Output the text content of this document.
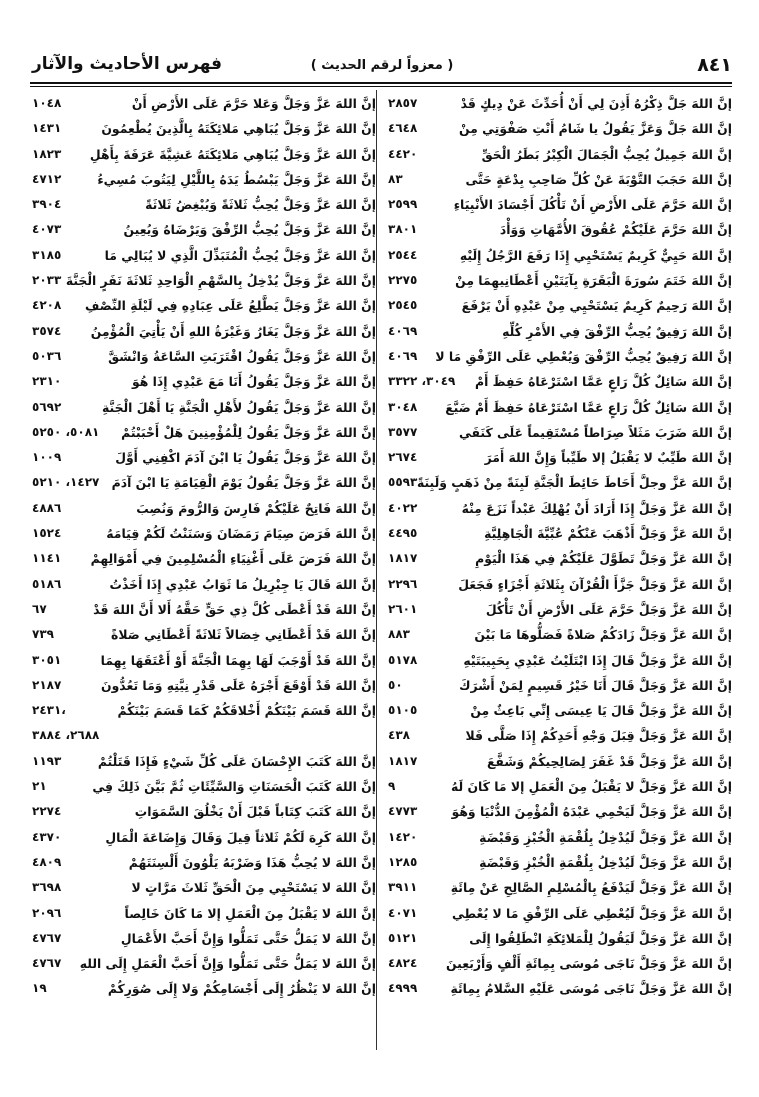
٨٤١
( معزواً لرقم الحديث )
فهرس الأحاديث والآثار
إنَّ اللهَ جَلَّ ذِكْرُهُ أَذِنَ لِي أَنْ أُحَدِّثَ عَنْ دِيكٍ قَدْ
٢٨٥٧
إنَّ اللهَ جَلَّ وَعَزَّ يَقُولُ يا شَامُ أَنْتِ صَفْوَتِي مِنْ
٤٦٤٨
إنَّ اللهَ جَمِيلٌ يُحِبُّ الْجَمَالَ الْكِبْرُ بَطَرُ الْحَقِّ
٤٤٢٠
إنَّ اللهَ حَجَبَ التَّوْبَةَ عَنْ كُلِّ صَاحِبِ بِدْعَةٍ حَتَّى
٨٣
إنَّ اللهَ حَرَّمَ عَلَى الأَرْضِ أَنْ تَأْكُلَ أَجْسَادَ الأَنْبِيَاءِ
٢٥٩٩
إنَّ اللهَ حَرَّمَ عَلَيْكُمْ عُقُوقَ الأُمَّهَاتِ وَوَأْدَ
٣٨٠١
إنَّ اللهَ حَيِيٌّ كَرِيمٌ يَسْتَحْيِي إِذَا رَفَعَ الرَّجُلُ إِلَيْهِ
٢٥٤٤
إنَّ اللهَ خَتَمَ سُورَةَ الْبَقَرَةِ بِآيَتَيْنِ أَعْطَانِيهِمَا مِنْ
٢٢٧٥
إنَّ اللهَ رَحِيمٌ كَرِيمٌ يَسْتَحْيِي مِنْ عَبْدِهِ أَنْ يَرْفَعَ
٢٥٤٥
إنَّ اللهَ رَفِيقٌ يُحِبُّ الرِّفْقَ فِي الأَمْرِ كُلِّهِ
٤٠٦٩
إنَّ اللهَ رَفِيقٌ يُحِبُّ الرِّفْقَ وَيُعْطِي عَلَى الرِّفْقِ مَا لا
٤٠٦٩
إنَّ اللهَ سَائِلٌ كُلَّ رَاعٍ عَمَّا اسْتَرْعَاهُ حَفِظَ أَمْ
٣٠٤٩، ٣٣٢٢
إنَّ اللهَ سَائِلٌ كُلَّ رَاعٍ عَمَّا اسْتَرْعَاهُ حَفِظَ أَمْ ضَيَّعَ
٣٠٤٨
إنَّ اللهَ ضَرَبَ مَثَلاً صِرَاطاً مُسْتَقِيماً عَلَى كَنَفَي
٣٥٧٧
إنَّ اللهَ طَيِّبٌ لا يَقْبَلُ إلا طَيِّباً وَإِنَّ اللهَ أَمَرَ
٢٦٧٤
إنَّ اللهَ عَزَّ وجلَّ أَحَاطَ حَائِطَ الْجَنَّةِ لَبِنَةً مِنْ ذَهَبٍ وَلَبِنَةً
٥٥٩٣
إنَّ اللهَ عَزَّ وَجَلَّ إِذَا أَرَادَ أَنْ يُهْلِكَ عَبْداً نَزَعَ مِنْهُ
٤٠٢٢
إنَّ اللهَ عَزَّ وَجَلَّ أَذْهَبَ عَنْكُمْ عُبِّيَّةَ الْجَاهِلِيَّةِ
٤٤٩٥
إنَّ اللهَ عَزَّ وَجَلَّ تَطَوَّلَ عَلَيْكُمْ فِي هَذَا الْيَوْمِ
١٨١٧
إنَّ اللهَ عَزَّ وَجَلَّ جَزَّأَ الْقُرْآنَ بِثَلاثَةِ أَجْزَاءٍ فَجَعَلَ
٢٢٩٦
إنَّ اللهَ عَزَّ وَجَلَّ حَرَّمَ عَلَى الأَرْضِ أَنْ تَأْكُلَ
٢٦٠١
إنَّ اللهَ عَزَّ وَجَلَّ زَادَكُمْ صَلاةً فَصَلُّوهَا مَا بَيْنَ
٨٨٣
إنَّ اللهَ عَزَّ وَجَلَّ قَالَ إِذَا ابْتَلَيْتُ عَبْدِي بِحَبِيبَتَيْهِ
٥١٧٨
إنَّ اللهَ عَزَّ وَجَلَّ قَالَ أَنَا خَيْرُ قَسِيمٍ لِمَنْ أَشْرَكَ
٥٠
إنَّ اللهَ عَزَّ وَجَلَّ قَالَ يَا عِيسَى إِنِّي بَاعِثٌ مِنْ
٥١٠٥
إنَّ اللهَ عَزَّ وَجَلَّ قِبَلَ وَجْهِ أَحَدِكُمْ إِذَا صَلَّى فَلا
٤٣٨
إنَّ اللهَ عَزَّ وَجَلَّ قَدْ غَفَرَ لِصَالِحِيكُمْ وَشَفَّعَ
١٨١٧
إنَّ اللهَ عَزَّ وَجَلَّ لا يَقْبَلُ مِنَ الْعَمَلِ إلا مَا كَانَ لَهُ
٩
إنَّ اللهَ عَزَّ وَجَلَّ لَيَحْمِي عَبْدَهُ الْمُؤْمِنَ الدُّنْيَا وَهُوَ
٤٧٧٣
إنَّ اللهَ عَزَّ وَجَلَّ لَيُدْخِلُ بِلُقْمَةِ الْخُبْزِ وَقَبْضَةِ
١٤٢٠
إنَّ اللهَ عَزَّ وَجَلَّ لَيُدْخِلُ بِلُقْمَةِ الْخُبْزِ وَقَبْضَةِ
١٢٨٥
إنَّ اللهَ عَزَّ وَجَلَّ لَيَدْفَعُ بِالْمُسْلِمِ الصَّالِحِ عَنْ مِائَةِ
٣٩١١
إنَّ اللهَ عَزَّ وَجَلَّ لَيُعْطِي عَلَى الرِّفْقِ مَا لا يُعْطِي
٤٠٧١
إنَّ اللهَ عَزَّ وَجَلَّ لَيَقُولُ لِلْمَلائِكَةِ انْطَلِقُوا إِلَى
٥١٢١
إنَّ اللهَ عَزَّ وَجَلَّ نَاجَى مُوسَى بِمِائَةِ أَلْفٍ وَأَرْبَعِينَ
٤٨٢٤
إنَّ اللهَ عَزَّ وَجَلَّ نَاجَى مُوسَى عَلَيْهِ السَّلامُ بِمِائَةِ
٤٩٩٩
إنَّ اللهَ عَزَّ وَجَلَّ وَعَلا حَرَّمَ عَلَى الأَرْضِ أَنْ
١٠٤٨
إنَّ اللهَ عَزَّ وَجَلَّ يُبَاهِي مَلائِكَتَهُ بِالَّذِينَ يُطْعِمُونَ
١٤٣١
إنَّ اللهَ عَزَّ وَجَلَّ يُبَاهِي مَلائِكَتَهُ عَشِيَّةَ عَرَفَةَ بِأَهْلِ
١٨٢٣
إنَّ اللهَ عَزَّ وَجَلَّ يَبْسُطُ يَدَهُ بِاللَّيْلِ لِيَتُوبَ مُسِيءُ
٤٧١٢
إنَّ اللهَ عَزَّ وَجَلَّ يُحِبُّ ثَلاثَةً وَيُبْغِضُ ثَلاثَةً
٣٩٠٤
إنَّ اللهَ عَزَّ وَجَلَّ يُحِبُّ الرِّفْقَ وَيَرْضَاهُ وَيُعِينُ
٤٠٧٣
إنَّ اللهَ عَزَّ وَجَلَّ يُحِبُّ الْمُتَبَذِّلَ الَّذِي لا يُبَالِي مَا
٣١٨٥
إنَّ اللهَ عَزَّ وَجَلَّ يُدْخِلُ بِالسَّهْمِ الْوَاحِدِ ثَلاثَةَ نَفَرٍ الْجَنَّةَ
٢٠٣٣
إنَّ اللهَ عَزَّ وَجَلَّ يَطَّلِعُ عَلَى عِبَادِهِ فِي لَيْلَةِ النِّصْفِ
٤٢٠٨
إنَّ اللهَ عَزَّ وَجَلَّ يَغَارُ وَغَيْرَةُ اللهِ أَنْ يَأْتِيَ الْمُؤْمِنُ
٣٥٧٤
إنَّ اللهَ عَزَّ وَجَلَّ يَقُولُ اقْتَرَبَتِ السَّاعَةُ وَانْشَقَّ
٥٠٣٦
إنَّ اللهَ عَزَّ وَجَلَّ يَقُولُ أَنَا مَعَ عَبْدِي إِذَا هُوَ
٢٣١٠
إنَّ اللهَ عَزَّ وَجَلَّ يَقُولُ لأَهْلِ الْجَنَّةِ يَا أَهْلَ الْجَنَّةِ
٥٦٩٢
إنَّ اللهَ عَزَّ وَجَلَّ يَقُولُ لِلْمُؤْمِنِينَ هَلْ أَحْبَبْتُمْ
٥٠٨١، ٥٢٥٠
إنَّ اللهَ عَزَّ وَجَلَّ يَقُولُ يَا ابْنَ آدَمَ اكْفِنِي أَوَّلَ
١٠٠٩
إنَّ اللهَ عَزَّ وَجَلَّ يَقُولُ يَوْمَ الْقِيَامَةِ يَا ابْنَ آدَمَ
١٤٢٧، ٥٢١٠
إنَّ اللهَ فَاتِحٌ عَلَيْكُمْ فَارِسَ وَالرُّومَ وَنُصِبَ
٤٨٨٦
إنَّ اللهَ فَرَضَ صِيَامَ رَمَضَانَ وَسَنَنْتُ لَكُمْ قِيَامَهُ
١٥٢٤
إنَّ اللهَ فَرَضَ عَلَى أَغْنِيَاءِ الْمُسْلِمِينَ فِي أَمْوَالِهِمْ
١١٤١
إنَّ اللهَ قَالَ يَا جِبْرِيلُ مَا ثَوَابُ عَبْدِي إِذَا أَخَذْتُ
٥١٨٦
إنَّ اللهَ قَدْ أَعْطَى كُلَّ ذِي حَقٍّ حَقَّهُ أَلا أَنَّ اللهَ قَدْ
٦٧
إنَّ اللهَ قَدْ أَعْطَانِي خِصَالاً ثَلاثَةً أَعْطَانِي صَلاةً
٧٣٩
إنَّ اللهَ قَدْ أَوْجَبَ لَهَا بِهِمَا الْجَنَّةَ أَوْ أَعْتَقَهَا بِهِمَا
٣٠٥١
إنَّ اللهَ قَدْ أَوْقَعَ أَجْرَهُ عَلَى قَدْرِ نِيَّتِهِ وَمَا تَعُدُّونَ
٢١٨٧
إنَّ اللهَ قَسَمَ بَيْنَكُمْ أَخْلاقَكُمْ كَمَا قَسَمَ بَيْنَكُمْ
٢٤٣١،
٢٦٨٨، ٣٨٨٤
إنَّ اللهَ كَتَبَ الإِحْسَانَ عَلَى كُلِّ شَيْءٍ فَإِذَا قَتَلْتُمْ
١١٩٣
إنَّ اللهَ كَتَبَ الْحَسَنَاتِ وَالسَّيِّئَاتِ ثُمَّ بَيَّنَ ذَلِكَ فِي
٢١
إنَّ اللهَ كَتَبَ كِتَاباً قَبْلَ أَنْ يَخْلُقَ السَّمَوَاتِ
٢٢٧٤
إنَّ اللهَ كَرِهَ لَكُمْ ثَلاثاً قِيلَ وَقَالَ وَإِضَاعَةَ الْمَالِ
٤٣٧٠
إنَّ اللهَ لا يُحِبُّ هَذَا وَضَرْبَهُ يَلْوُونَ أَلْسِنَتَهُمْ
٤٨٠٩
إنَّ اللهَ لا يَسْتَحْيِي مِنَ الْحَقِّ ثَلاثَ مَرَّاتٍ لا
٣٦٩٨
إنَّ اللهَ لا يَقْبَلُ مِنَ الْعَمَلِ إلا مَا كَانَ خَالِصاً
٢٠٩٦
إنَّ اللهَ لا يَمَلُّ حَتَّى تَمَلُّوا وَإِنَّ أَحَبَّ الأَعْمَالِ
٤٧٦٧
إنَّ اللهَ لا يَمَلُّ حَتَّى تَمَلُّوا وَإِنَّ أَحَبَّ الْعَمَلِ إِلَى اللهِ
٤٧٦٧
إنَّ اللهَ لا يَنْظُرُ إِلَى أَجْسَامِكُمْ وَلا إِلَى صُوَرِكُمْ
١٩
